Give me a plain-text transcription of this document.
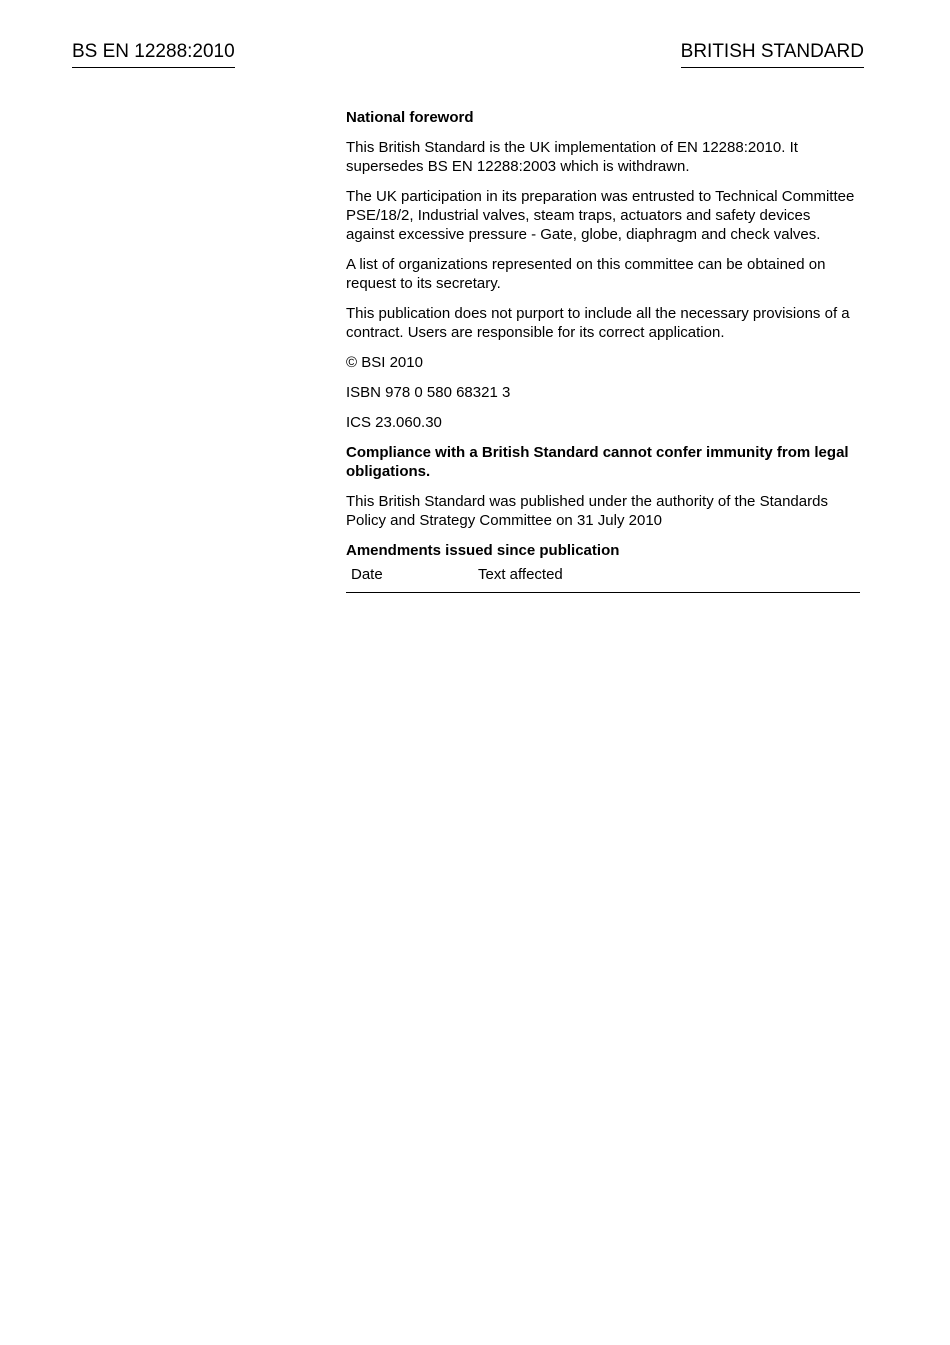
BS EN 12288:2010	BRITISH STANDARD

National foreword

This British Standard is the UK implementation of EN 12288:2010. It supersedes BS EN 12288:2003 which is withdrawn.

The UK participation in its preparation was entrusted to Technical Committee PSE/18/2, Industrial valves, steam traps, actuators and safety devices against excessive pressure - Gate, globe, diaphragm and check valves.

A list of organizations represented on this committee can be obtained on request to its secretary.

This publication does not purport to include all the necessary provisions of a contract. Users are responsible for its correct application.

© BSI 2010

ISBN 978 0 580 68321 3

ICS 23.060.30

Compliance with a British Standard cannot confer immunity from legal obligations.

This British Standard was published under the authority of the Standards Policy and Strategy Committee on 31 July 2010

Amendments issued since publication
Date	Text affected
